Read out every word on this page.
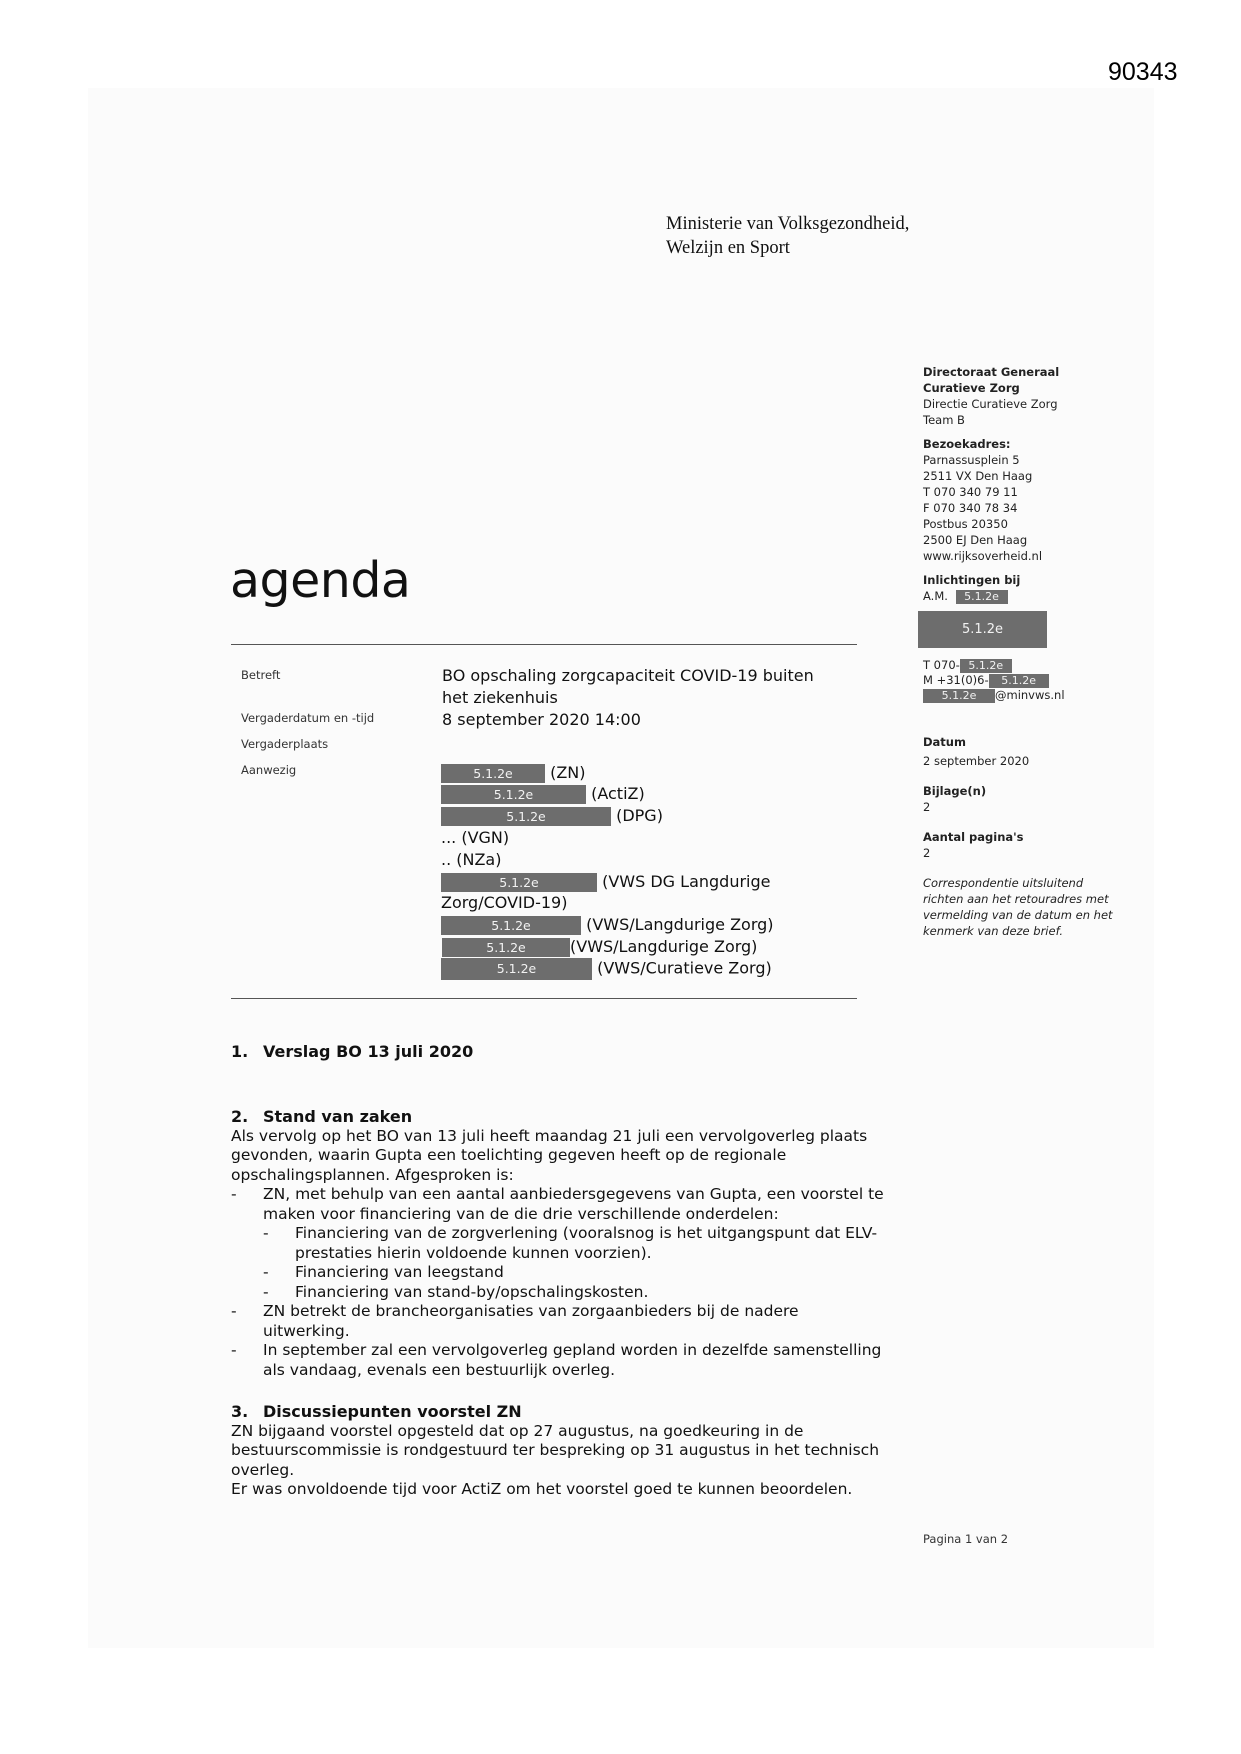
90343
Ministerie van Volksgezondheid,
Welzijn en Sport
Directoraat Generaal
Curatieve Zorg
Directie Curatieve Zorg
Team B
Bezoekadres:
Parnassusplein 5
2511 VX Den Haag
T 070 340 79 11
F 070 340 78 34
Postbus 20350
2500 EJ Den Haag
www.rijksoverheid.nl
Inlichtingen bij
A.M. 5.1.2e
5.1.2e
T 070- 5.1.2e
M +31(0)6- 5.1.2e
5.1.2e @minvws.nl
Datum
2 september 2020
Bijlage(n)
2
Aantal pagina's
2
Correspondentie uitsluitend richten aan het retouradres met vermelding van de datum en het kenmerk van deze brief.
agenda
Betreft	BO opschaling zorgcapaciteit COVID-19 buiten
het ziekenhuis
Vergaderdatum en -tijd	8 september 2020 14:00
Vergaderplaats
Aanwezig	5.1.2e (ZN)
5.1.2e	(ActiZ)
5.1.2e	(DPG)
... (VGN)
.. (NZa)
5.1.2e	(VWS DG Langdurige
Zorg/COVID-19)
5.1.2e	(VWS/Langdurige Zorg)
5.1.2e	(VWS/Langdurige Zorg)
5.1.2e	(VWS/Curatieve Zorg)
1. Verslag BO 13 juli 2020
2. Stand van zaken
Als vervolg op het BO van 13 juli heeft maandag 21 juli een vervolgoverleg plaats gevonden, waarin Gupta een toelichting gegeven heeft op de regionale opschalingsplannen. Afgesproken is:
- ZN, met behulp van een aantal aanbiedersgegevens van Gupta, een voorstel te maken voor financiering van de die drie verschillende onderdelen:
- Financiering van de zorgverlening (vooralsnog is het uitgangspunt dat ELV-prestaties hierin voldoende kunnen voorzien).
- Financiering van leegstand
- Financiering van stand-by/opschalingskosten.
- ZN betrekt de brancheorganisaties van zorgaanbieders bij de nadere uitwerking.
- In september zal een vervolgoverleg gepland worden in dezelfde samenstelling als vandaag, evenals een bestuurlijk overleg.
3. Discussiepunten voorstel ZN
ZN bijgaand voorstel opgesteld dat op 27 augustus, na goedkeuring in de bestuurscommissie is rondgestuurd ter bespreking op 31 augustus in het technisch overleg.
Er was onvoldoende tijd voor ActiZ om het voorstel goed te kunnen beoordelen.
Pagina 1 van 2
